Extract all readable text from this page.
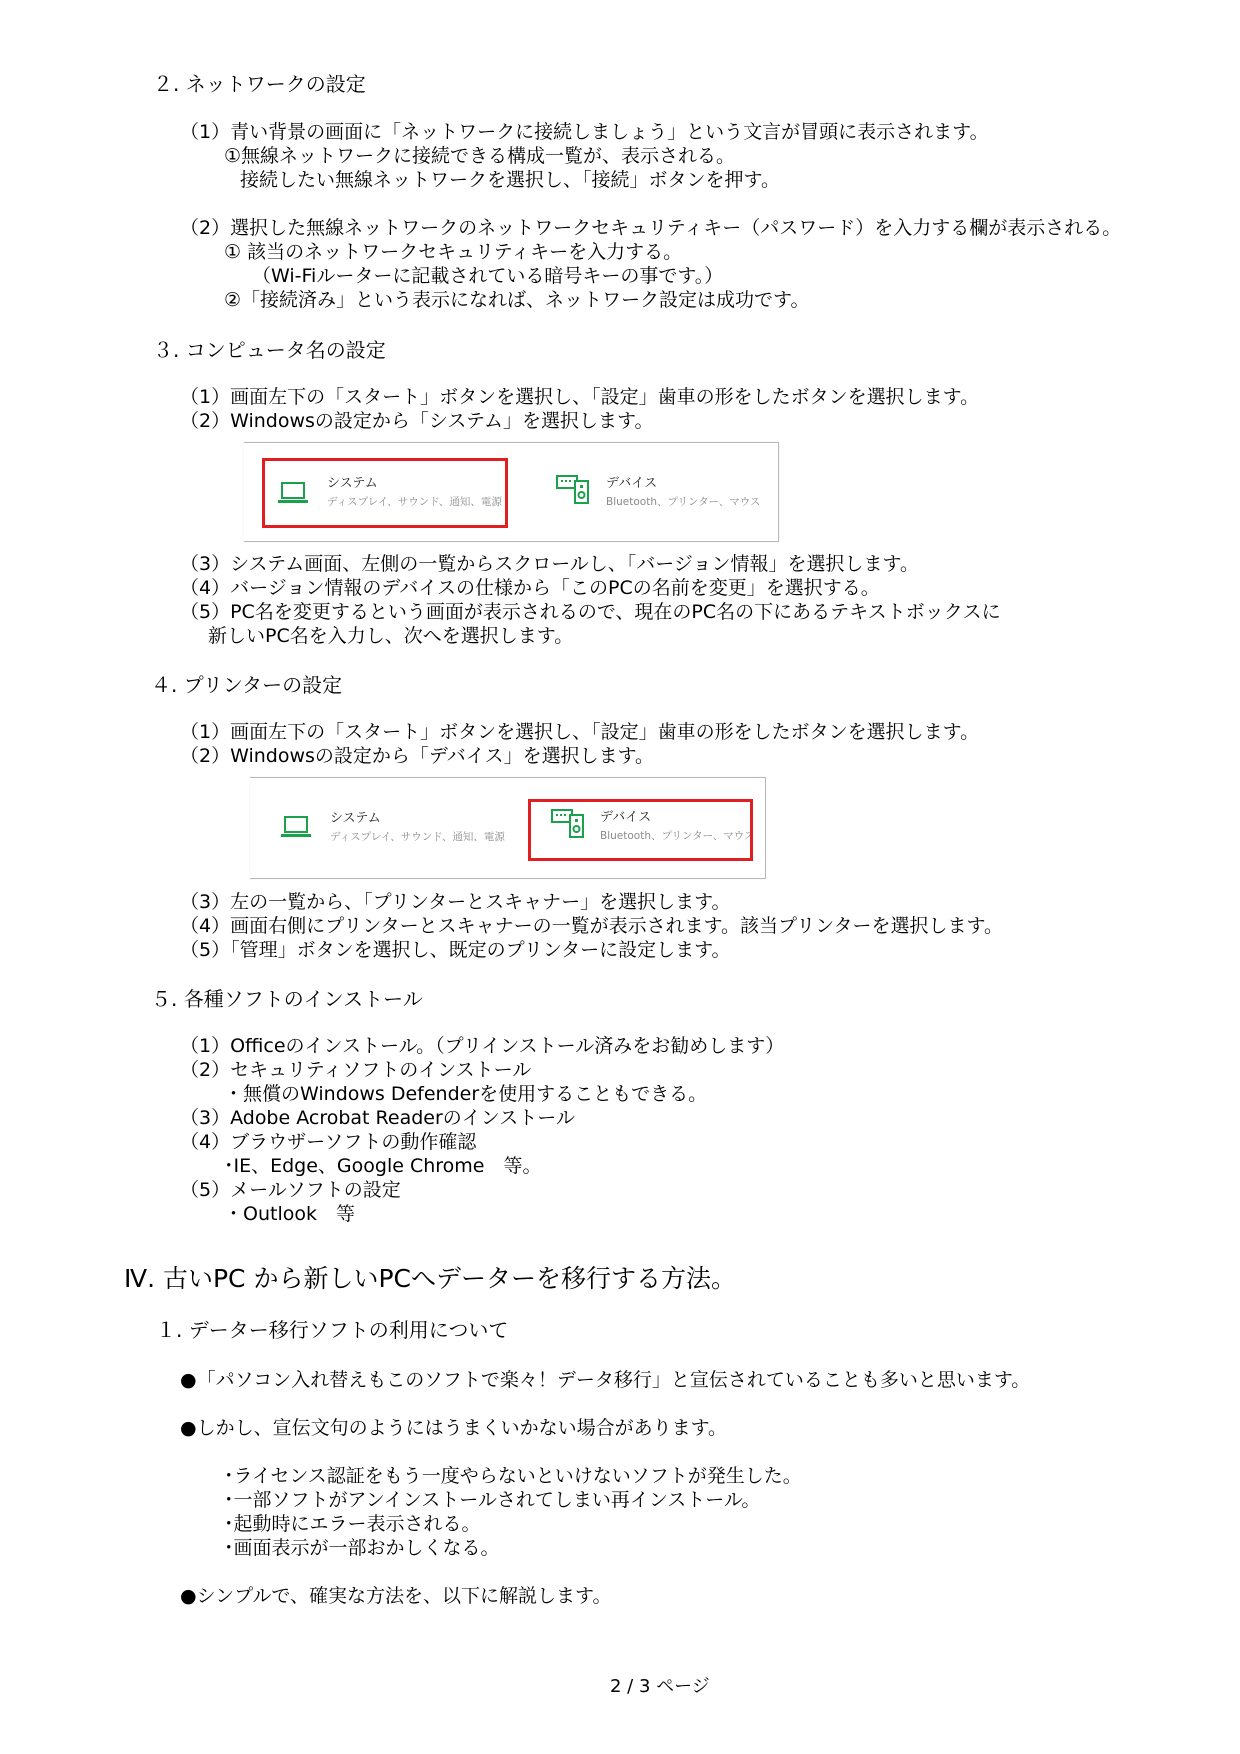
２. ネットワークの設定
（1）青い背景の画面に「ネットワークに接続しましょう」という文言が冒頭に表示されます。
①無線ネットワークに接続できる構成一覧が、表示される。
接続したい無線ネットワークを選択し、「接続」ボタンを押す。
（2）選択した無線ネットワークのネットワークセキュリティキー（パスワード）を入力する欄が表示される。
① 該当のネットワークセキュリティキーを入力する。
（Wi-Fiルーターに記載されている暗号キーの事です。）
②「接続済み」という表示になれば、ネットワーク設定は成功です。
３. コンピュータ名の設定
（1）画面左下の「スタート」ボタンを選択し、「設定」歯車の形をしたボタンを選択します。
（2）Windowsの設定から「システム」を選択します。
システム
ディスプレイ、サウンド、通知、電源
デバイス
Bluetooth、プリンター、マウス
（3）システム画面、左側の一覧からスクロールし、「バージョン情報」を選択します。
（4）バージョン情報のデバイスの仕様から「このPCの名前を変更」を選択する。
（5）PC名を変更するという画面が表示されるので、現在のPC名の下にあるテキストボックスに
新しいPC名を入力し、次へを選択します。
４. プリンターの設定
（1）画面左下の「スタート」ボタンを選択し、「設定」歯車の形をしたボタンを選択します。
（2）Windowsの設定から「デバイス」を選択します。
システム
ディスプレイ、サウンド、通知、電源
デバイス
Bluetooth、プリンター、マウス
（3）左の一覧から、「プリンターとスキャナー」を選択します。
（4）画面右側にプリンターとスキャナーの一覧が表示されます。該当プリンターを選択します。
（5）「管理」ボタンを選択し、既定のプリンターに設定します。
５. 各種ソフトのインストール
（1）Officeのインストール。（プリインストール済みをお勧めします）
（2）セキュリティソフトのインストール
・無償のWindows Defenderを使用することもできる。
（3）Adobe Acrobat Readerのインストール
（4）ブラウザーソフトの動作確認
･IE、Edge、Google Chrome　等。
（5）メールソフトの設定
・Outlook　等
Ⅳ. 古いPC から新しいPCへデーターを移行する方法。
１. データー移行ソフトの利用について
●「パソコン入れ替えもこのソフトで楽々！データ移行」と宣伝されていることも多いと思います。
●しかし、宣伝文句のようにはうまくいかない場合があります。
･ライセンス認証をもう一度やらないといけないソフトが発生した。
･一部ソフトがアンインストールされてしまい再インストール。
･起動時にエラー表示される。
･画面表示が一部おかしくなる。
●シンプルで、確実な方法を、以下に解説します。
2 / 3 ページ
